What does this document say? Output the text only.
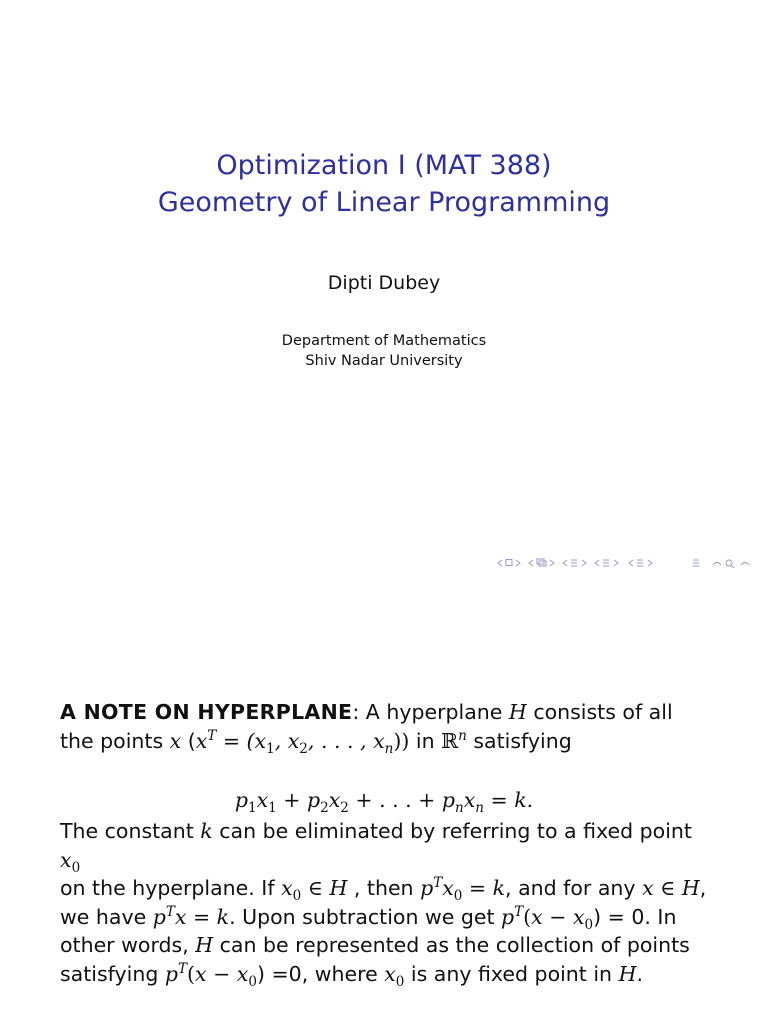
Optimization I (MAT 388)
Geometry of Linear Programming
Dipti Dubey
Department of Mathematics
Shiv Nadar University
A NOTE ON HYPERPLANE: A hyperplane H consists of all
the points x ($x^T = (x_1$, $x_2$, . . . , $x_n$)) in ℝ$^n$ satisfying
$p_1x_1 + p_2x_2$ + . . . + $p_nx_n = k$.
The constant k can be eliminated by referring to a fixed point $x_0$
on the hyperplane. If $x_0$ ∈ H , then $p^Tx_0 = k$, and for any x ∈ H,
we have $p^Tx = k$. Upon subtraction we get $p^T(x - x_0) = 0$. In
other words, H can be represented as the collection of points
satisfying $p^T(x - x_0) =0$, where $x_0$ is any fixed point in H.
